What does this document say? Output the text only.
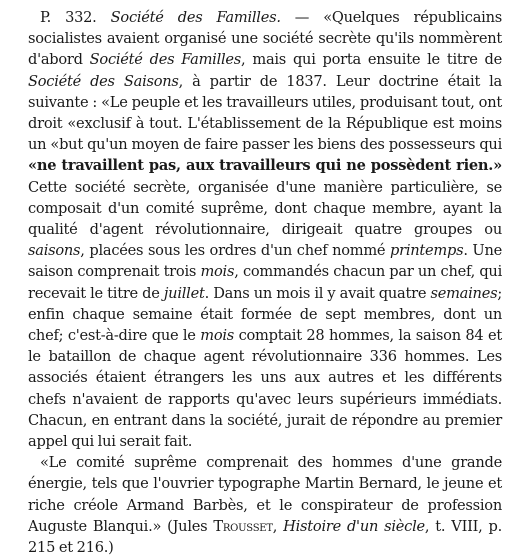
P. 332. Société des Familles. — «Quelques républicains socialistes avaient organisé une société secrète qu'ils nommèrent d'abord Société des Familles, mais qui porta ensuite le titre de Société des Saisons, à partir de 1837. Leur doctrine était la suivante : «Le peuple et les travailleurs utiles, produisant tout, ont droit «exclusif à tout. L'établissement de la République est moins un «but qu'un moyen de faire passer les biens des possesseurs qui «ne travaillent pas, aux travailleurs qui ne possèdent rien.» Cette société secrète, organisée d'une manière particulière, se composait d'un comité suprême, dont chaque membre, ayant la qualité d'agent révolutionnaire, dirigeait quatre groupes ou saisons, placées sous les ordres d'un chef nommé printemps. Une saison comprenait trois mois, commandés chacun par un chef, qui recevait le titre de juillet. Dans un mois il y avait quatre semaines; enfin chaque semaine était formée de sept membres, dont un chef; c'est-à-dire que le mois comptait 28 hommes, la saison 84 et le bataillon de chaque agent révolutionnaire 336 hommes. Les associés étaient étrangers les uns aux autres et les différents chefs n'avaient de rapports qu'avec leurs supérieurs immédiats. Chacun, en entrant dans la société, jurait de répondre au premier appel qui lui serait fait.

«Le comité suprême comprenait des hommes d'une grande énergie, tels que l'ouvrier typographe Martin Bernard, le jeune et riche créole Armand Barbès, et le conspirateur de profession Auguste Blanqui.» (Jules Trousset, Histoire d'un siècle, t. VIII, p. 215 et 216.)
